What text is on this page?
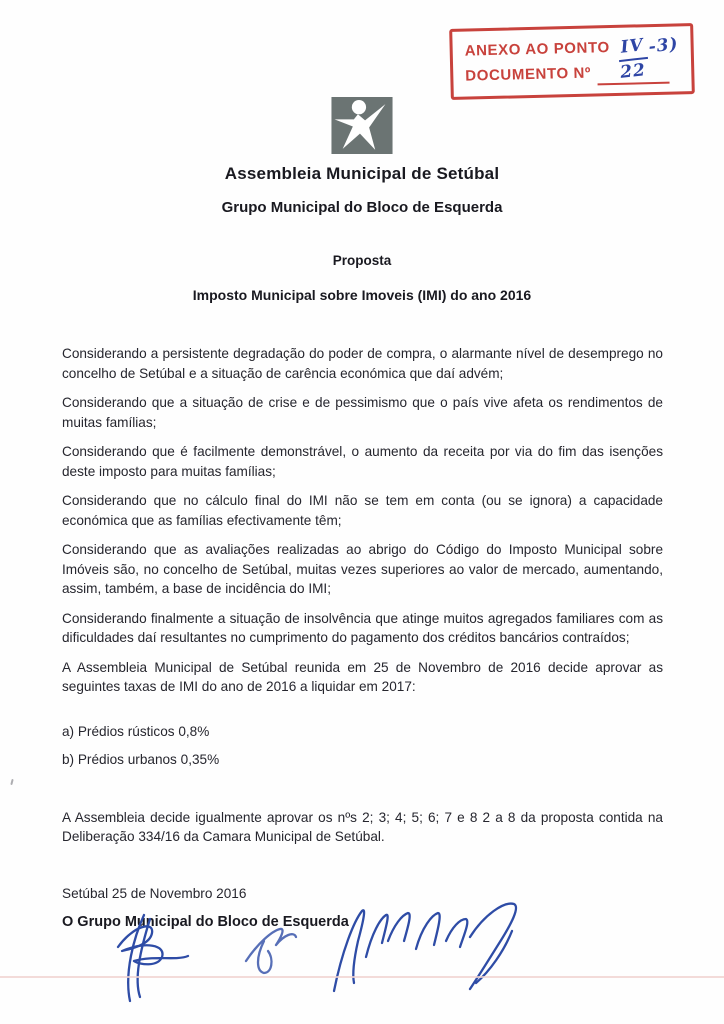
ANEXO AO PONTO IV -3)
DOCUMENTO Nº	22
Assembleia Municipal de Setúbal
Grupo Municipal do Bloco de Esquerda
Proposta
Imposto Municipal sobre Imoveis (IMI) do ano 2016

Considerando a persistente degradação do poder de compra, o alarmante nível de desemprego no concelho de Setúbal e a situação de carência económica que daí advém;

Considerando que a situação de crise e de pessimismo que o país vive afeta os rendimentos de muitas famílias;

Considerando que é facilmente demonstrável, o aumento da receita por via do fim das isenções deste imposto para muitas famílias;

Considerando que no cálculo final do IMI não se tem em conta (ou se ignora) a capacidade económica que as famílias efectivamente têm;

Considerando que as avaliações realizadas ao abrigo do Código do Imposto Municipal sobre Imóveis são, no concelho de Setúbal, muitas vezes superiores ao valor de mercado, aumentando, assim, também, a base de incidência do IMI;

Considerando finalmente a situação de insolvência que atinge muitos agregados familiares com as dificuldades daí resultantes no cumprimento do pagamento dos créditos bancários contraídos;

A Assembleia Municipal de Setúbal reunida em 25 de Novembro de 2016 decide aprovar as seguintes taxas de IMI do ano de 2016 a liquidar em 2017:

a) Prédios rústicos 0,8%
b) Prédios urbanos 0,35%
A Assembleia decide igualmente aprovar os nºs 2; 3; 4; 5; 6; 7 e 8 2 a 8 da proposta contida na Deliberação 334/16 da Camara Municipal de Setúbal.
Setúbal 25 de Novembro 2016
O Grupo Municipal do Bloco de Esquerda
